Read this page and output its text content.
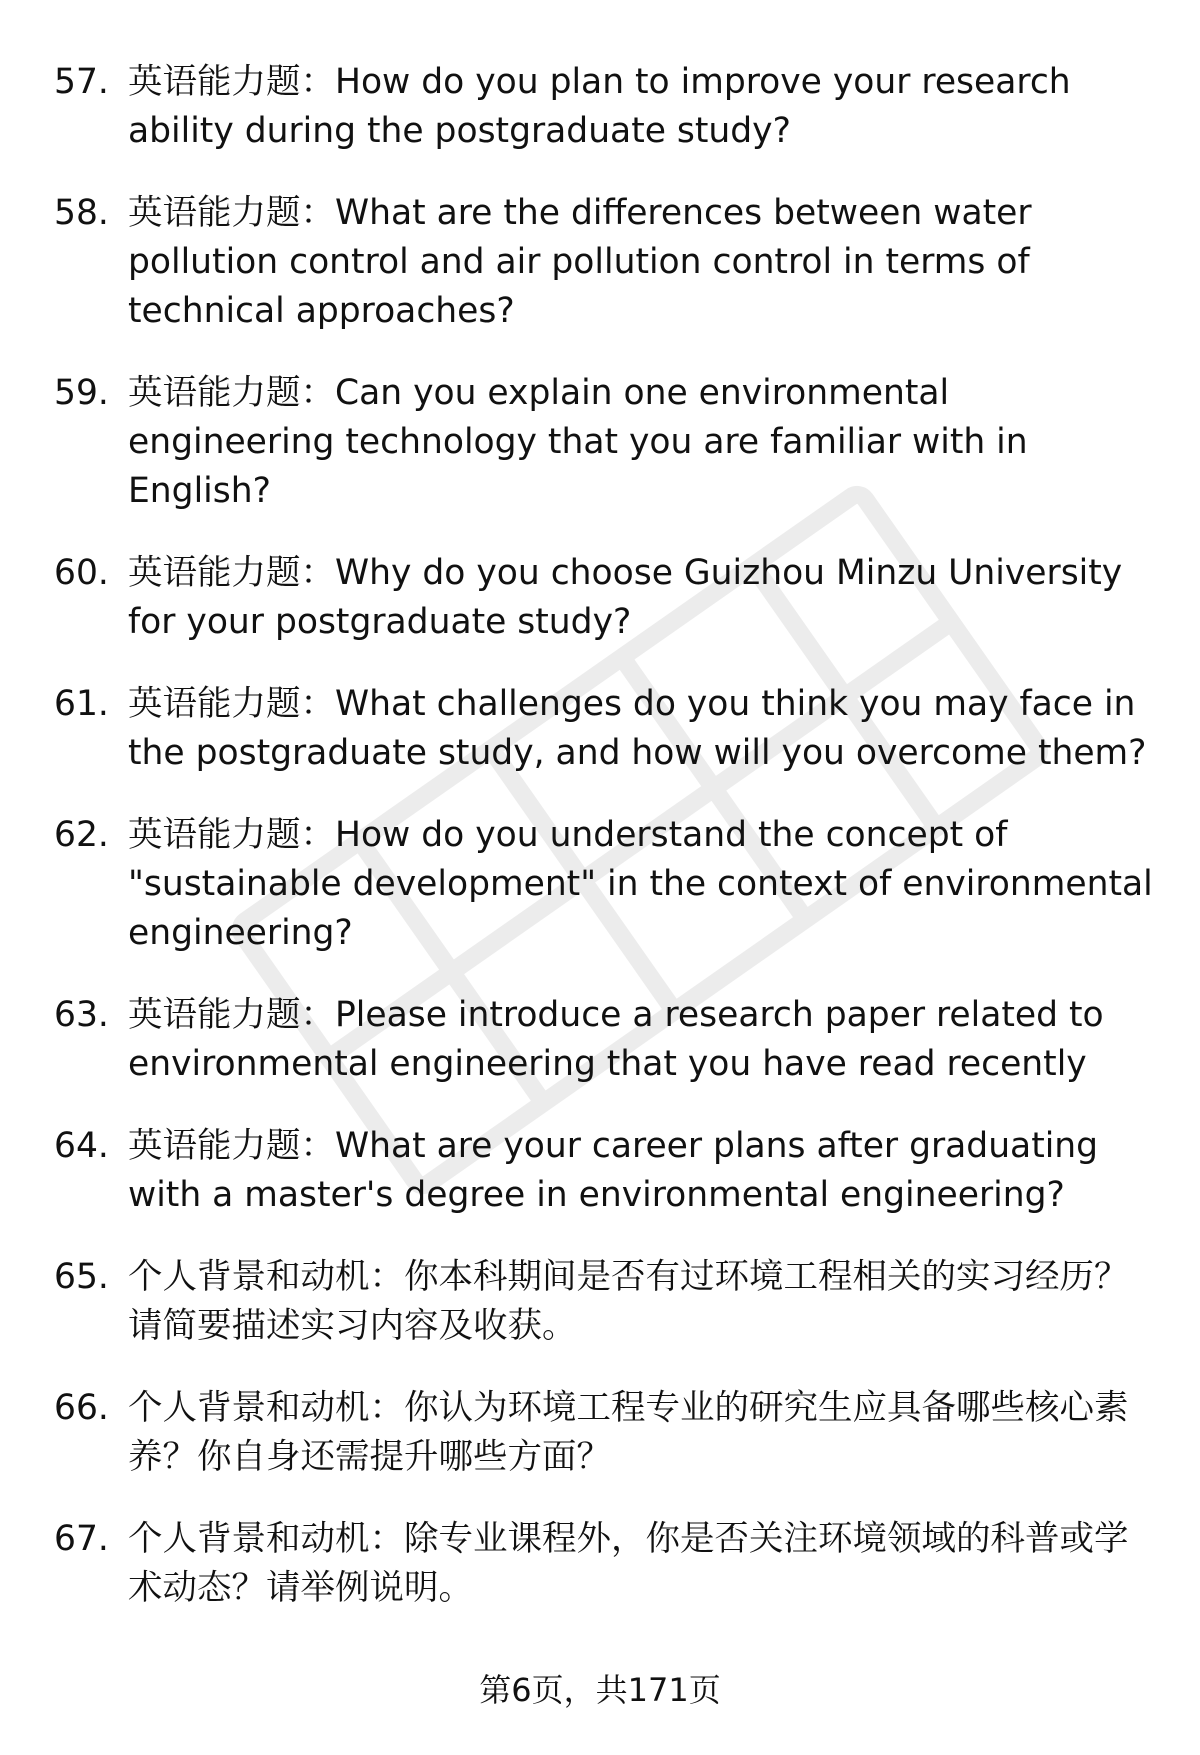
57. 英语能力题：How do you plan to improve your research ability during the postgraduate study?
58. 英语能力题：What are the differences between water pollution control and air pollution control in terms of technical approaches?
59. 英语能力题：Can you explain one environmental engineering technology that you are familiar with in English?
60. 英语能力题：Why do you choose Guizhou Minzu University for your postgraduate study?
61. 英语能力题：What challenges do you think you may face in the postgraduate study, and how will you overcome them?
62. 英语能力题：How do you understand the concept of "sustainable development" in the context of environmental engineering?
63. 英语能力题：Please introduce a research paper related to environmental engineering that you have read recently
64. 英语能力题：What are your career plans after graduating with a master's degree in environmental engineering?
65. 个人背景和动机：你本科期间是否有过环境工程相关的实习经历？请简要描述实习内容及收获。
66. 个人背景和动机：你认为环境工程专业的研究生应具备哪些核心素养？你自身还需提升哪些方面？
67. 个人背景和动机：除专业课程外，你是否关注环境领域的科普或学术动态？请举例说明。
第6页，共171页
